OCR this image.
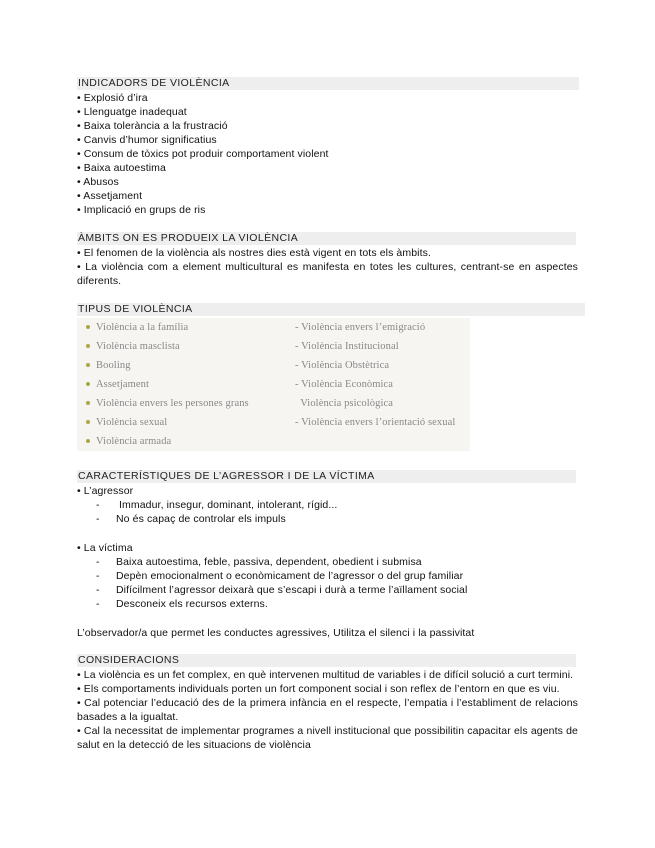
INDICADORS DE VIOLÈNCIA
• Explosió d’ira
• Llenguatge inadequat
• Baixa tolerància a la frustració
• Canvis d’humor significatius
• Consum de tòxics pot produir comportament violent
• Baixa autoestima
• Abusos
• Assetjament
• Implicació en grups de ris
ÀMBITS ON ES PRODUEIX LA VIOLÈNCIA
• El fenomen de la violència als nostres dies està vigent en tots els àmbits.
• La violència com a element multicultural es manifesta en totes les cultures, centrant-se en aspectes diferents.
TIPUS DE VIOLÈNCIA
Violència a la família
Violència masclista
Booling
Assetjament
Violència envers les persones grans
Violència sexual
Violència armada
- Violència envers l’emigració
- Violència Institucional
- Violència Obstètrica
- Violència Econòmica
Violència psicològica
- Violència envers l’orientació sexual
CARACTERÍSTIQUES DE L’AGRESSOR I DE LA VÍCTIMA
• L’agressor
- Immadur, insegur, dominant, intolerant, rígid...
- No és capaç de controlar els impuls
• La víctima
- Baixa autoestima, feble, passiva, dependent, obedient i submisa
- Depèn emocionalment o econòmicament de l’agressor o del grup familiar
- Difícilment l’agressor deixarà que s’escapi i durà a terme l’aïllament social
- Desconeix els recursos externs.
L’observador/a que permet les conductes agressives, Utilitza el silenci i la passivitat
CONSIDERACIONS
• La violència es un fet complex, en què intervenen multitud de variables i de difícil solució a curt termini.
• Els comportaments individuals porten un fort component social i son reflex de l’entorn en que es viu.
• Cal potenciar l’educació des de la primera infància en el respecte, l’empatia i l’establiment de relacions basades a la igualtat.
• Cal la necessitat de implementar programes a nivell institucional que possibilitin capacitar els agents de salut en la detecció de les situacions de violència
